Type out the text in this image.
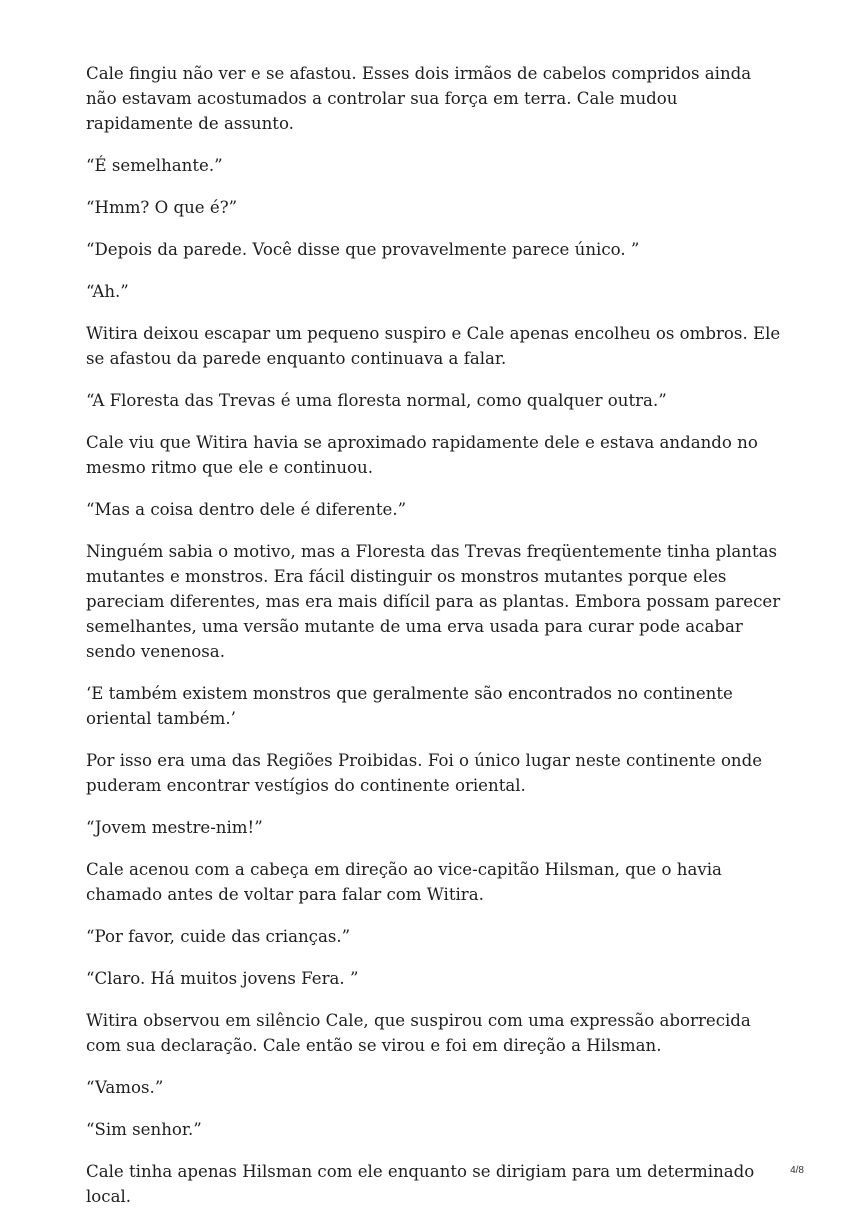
Cale fingiu não ver e se afastou. Esses dois irmãos de cabelos compridos ainda não estavam acostumados a controlar sua força em terra. Cale mudou rapidamente de assunto.

“É semelhante.”

“Hmm? O que é?”

“Depois da parede. Você disse que provavelmente parece único. ”

“Ah.”

Witira deixou escapar um pequeno suspiro e Cale apenas encolheu os ombros. Ele se afastou da parede enquanto continuava a falar.

“A Floresta das Trevas é uma floresta normal, como qualquer outra.”

Cale viu que Witira havia se aproximado rapidamente dele e estava andando no mesmo ritmo que ele e continuou.

“Mas a coisa dentro dele é diferente.”

Ninguém sabia o motivo, mas a Floresta das Trevas freqüentemente tinha plantas mutantes e monstros. Era fácil distinguir os monstros mutantes porque eles pareciam diferentes, mas era mais difícil para as plantas. Embora possam parecer semelhantes, uma versão mutante de uma erva usada para curar pode acabar sendo venenosa.

‘E também existem monstros que geralmente são encontrados no continente oriental também.’

Por isso era uma das Regiões Proibidas. Foi o único lugar neste continente onde puderam encontrar vestígios do continente oriental.

“Jovem mestre-nim!”

Cale acenou com a cabeça em direção ao vice-capitão Hilsman, que o havia chamado antes de voltar para falar com Witira.

“Por favor, cuide das crianças.”

“Claro. Há muitos jovens Fera. ”

Witira observou em silêncio Cale, que suspirou com uma expressão aborrecida com sua declaração. Cale então se virou e foi em direção a Hilsman.

“Vamos.”

“Sim senhor.”

Cale tinha apenas Hilsman com ele enquanto se dirigiam para um determinado local.

4/8
